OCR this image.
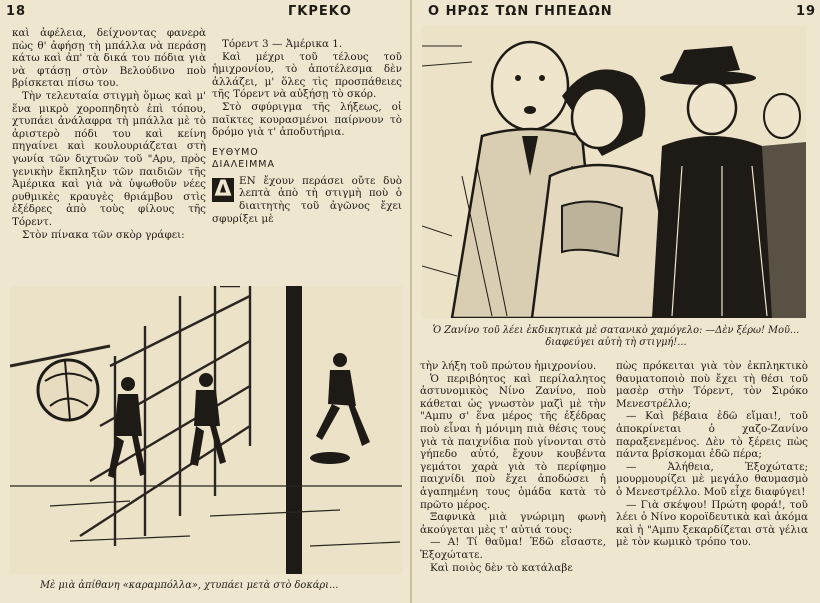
18	ΓΚΡΕΚΟ	Ο ΗΡΩΣ ΤΩΝ ΓΗΠΕΔΩΝ	19

καὶ ἀφέλεια, δείχνοντας φανερὰ πὼς θ' ἀφήσῃ τὴ μπάλλα νὰ περάσῃ κάτω καὶ ἀπ' τὰ δικά του πόδια γιὰ νὰ φτάσῃ στὸν Βελούδινο ποὺ βρίσκεται πίσω του.

Τὴν τελευταία στιγμὴ ὅμως καὶ μ' ἕνα μικρὸ χοροπηδητὸ ἐπὶ τόπου, χτυπάει ἀνάλαφρα τὴ μπάλλα μὲ τὸ ἀριστερὸ πόδι του καὶ κείνη πηγαίνει καὶ κουλουριάζεται στὴ γωνία τῶν διχτυῶν τοῦ "Αρυ, πρὸς γενικὴν ἔκπληξιν τῶν παιδιῶν τῆς Ἀμέρικα καὶ γιὰ νὰ ὑψωθοῦν νέες ρυθμικὲς κραυγὲς θριάμβου στὶς ἐξέδρες ἀπὸ τοὺς φίλους τῆς Τόρεντ.

Στὸν πίνακα τῶν σκὸρ γράφει:

Τόρεντ 3 — Ἀμέρικα 1.

Καὶ μέχρι τοῦ τέλους τοῦ ἡμιχρονίου, τὸ ἀποτέλεσμα δὲν ἀλλάζει, μ' ὅλες τὶς προσπάθειες τῆς Τόρεντ νὰ αὐξήσῃ τὸ σκόρ.

Στὸ σφύριγμα τῆς λήξεως, οἱ παῖκτες κουρασμένοι παίρνουν τὸ δρόμο γιὰ τ' ἀποδυτήρια.

ΕΥΘΥΜΟ
ΔΙΑΛΕΙΜΜΑ

Δ ΕΝ ἔχουν περάσει οὔτε δυὸ λεπτὰ ἀπὸ τὴ στιγμὴ ποὺ ὁ διαιτητὴς τοῦ ἀγῶνος ἔχει σφυρίξει μὲ

Μὲ μιὰ ἀπίθανη «καραμπόλλα», χτυπάει μετὰ στὸ δοκάρι...
Ὁ Ζανίνο τοῦ λέει ἐκδικητικὰ μὲ σατανικὸ χαμόγελο: —Δὲν ξέρω! Μοῦ... διαφεύγει αὐτὴ τὴ στιγμή!...

τὴν λήξη τοῦ πρώτου ἡμιχρονίου.

Ὁ περιβόητος καὶ περίλαλητος ἀστυνομικὸς Νίνο Ζανίνο, ποὺ κάθεται ὡς γνωστὸν μαζὶ μὲ τὴν "Αμπυ σ' ἕνα μέρος τῆς ἐξέδρας ποὺ εἶναι ἡ μόνιμη πιὰ θέσις τους γιὰ τὰ παιχνίδια ποὺ γίνονται στὸ γήπεδο αὐτό, ἔχουν κουβέντα γεμάτοι χαρὰ γιὰ τὸ περίφημο παιχνίδι ποὺ ἔχει ἀποδώσει ἡ ἀγαπημένη τους ὁμάδα κατὰ τὸ πρῶτο μέρος.

Ξαφνικὰ μιὰ γνώριμη φωνὴ ἀκούγεται μὲς τ' αὐτιά τους:

— Α! Τί θαῦμα! Ἐδῶ εἴσαστε, Ἐξοχώτατε.

Καὶ ποιὸς δὲν τὸ κατάλαβε

πὼς πρόκειται γιὰ τὸν ἐκπληκτικὸ θαυματοποιὸ ποὺ ἔχει τὴ θέσι τοῦ μασὲρ στὴν Τόρεντ, τὸν Σιρόκο Μενεστρέλλο;

— Καὶ βέβαια ἐδῶ εἴμαι!, τοῦ ἀποκρίνεται ὁ χαζο-Ζανίνο παραξενεμένος. Δὲν τὸ ξέρεις πὼς πάντα βρίσκομαι ἐδῶ πέρα;

— Ἀλήθεια, Ἐξοχώτατε; μουρμουρίζει μὲ μεγάλο θαυμασμὸ ὁ Μενεστρέλλο. Μοῦ εἶχε διαφύγει!

— Γιὰ σκέψου! Πρώτη φορά!, τοῦ λέει ὁ Νίνο κοροϊδευτικὰ καὶ ἀκόμα καὶ ἡ "Αμπυ ξεκαρδίζεται στὰ γέλια μὲ τὸν κωμικὸ τρόπο του.
